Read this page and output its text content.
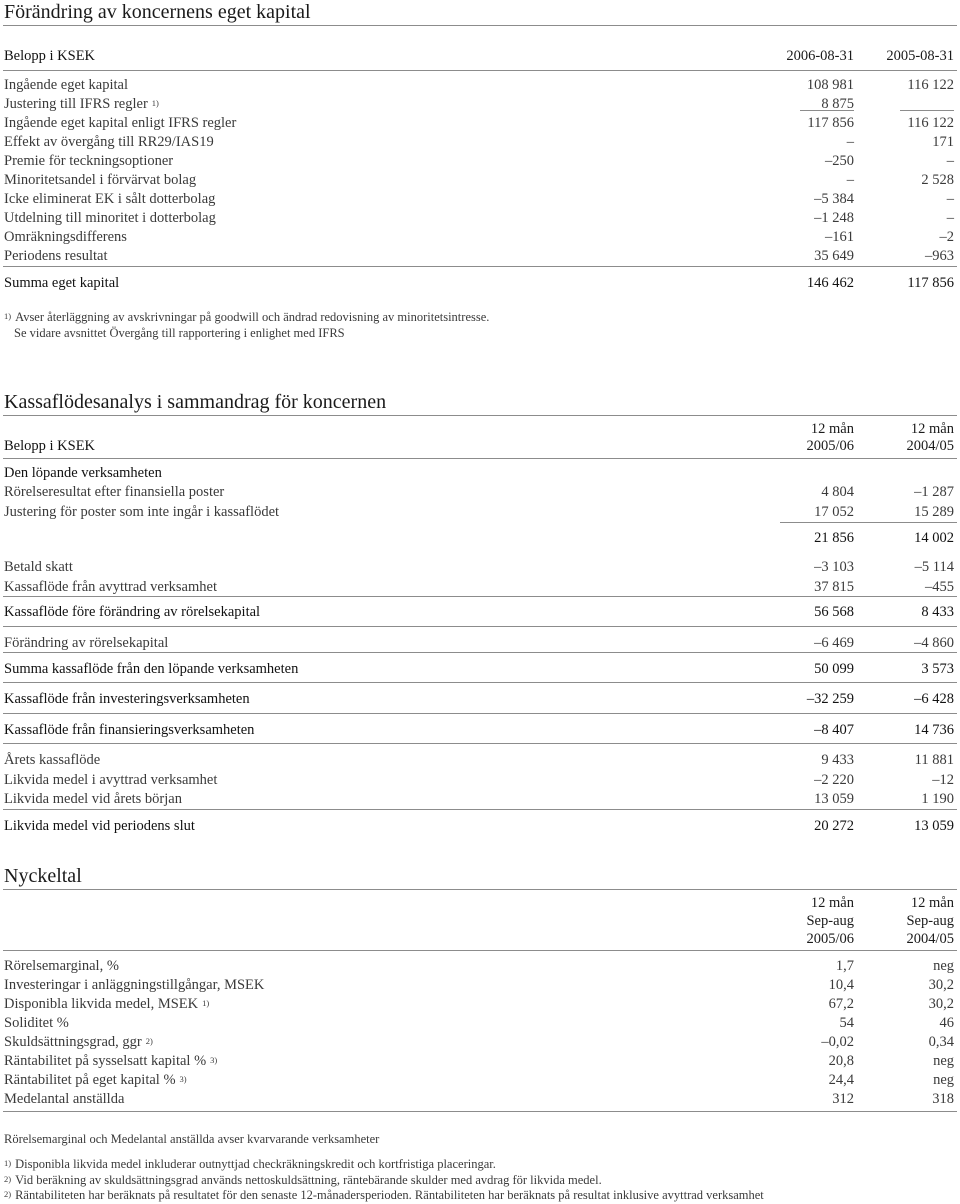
Förändring av koncernens eget kapital
Belopp i KSEK	2006-08-31 2005-08-31
Ingående eget kapital	108 981	116 122
Justering till IFRS regler $^{1)}$	8 875
Ingående eget kapital enligt IFRS regler	117 856	116 122
Effekt av övergång till RR29/IAS19	–	171
Premie för teckningsoptioner	–250	–
Minoritetsandel i förvärvat bolag	–	2 528
Icke eliminerat EK i sålt dotterbolag	–5 384	–
Utdelning till minoritet i dotterbolag	–1 248	–
Omräkningsdifferens	–161	–2
Periodens resultat	35 649	–963
Summa eget kapital	146 462	117 856
$^{1)}$ Avser återläggning av avskrivningar på goodwill och ändrad redovisning av minoritetsintresse.
Se vidare avsnittet Övergång till rapportering i enlighet med IFRS
Kassaflödesanalys i sammandrag för koncernen
12 mån	12 mån
Belopp i KSEK	2005/06	2004/05
Den löpande verksamheten
Rörelseresultat efter finansiella poster	4 804	–1 287
Justering för poster som inte ingår i kassaflödet	17 052	15 289
21 856	14 002
Betald skatt	–3 103	–5 114
Kassaflöde från avyttrad verksamhet	37 815	–455
Kassaflöde före förändring av rörelsekapital	56 568	8 433
Förändring av rörelsekapital	–6 469	–4 860
Summa kassaflöde från den löpande verksamheten	50 099	3 573
Kassaflöde från investeringsverksamheten	–32 259	–6 428
Kassaflöde från finansieringsverksamheten	–8 407	14 736
Årets kassaflöde	9 433	11 881
Likvida medel i avyttrad verksamhet	–2 220	–12
Likvida medel vid årets början	13 059	1 190
Likvida medel vid periodens slut	20 272	13 059
Nyckeltal
12 mån	12 mån
Sep-aug	Sep-aug
2005/06	2004/05
Rörelsemarginal, %	1,7	neg
Investeringar i anläggningstillgångar, MSEK	10,4	30,2
Disponibla likvida medel, MSEK $^{1)}$	67,2	30,2
Soliditet %	54	46
Skuldsättningsgrad, ggr $^{2)}$	–0,02	0,34
Räntabilitet på sysselsatt kapital % $^{3)}$	20,8	neg
Räntabilitet på eget kapital % $^{3)}$	24,4	neg
Medelantal anställda	312	318
Rörelsemarginal och Medelantal anställda avser kvarvarande verksamheter
$^{1)}$ Disponibla likvida medel inkluderar outnyttjad checkräkningskredit och kortfristiga placeringar.
$^{2)}$ Vid beräkning av skuldsättningsgrad används nettoskuldsättning, räntebärande skulder med avdrag för likvida medel.
$^{2)}$ Räntabiliteten har beräknats på resultatet för den senaste 12-månadersperioden. Räntabiliteten har beräknats på resultat inklusive avyttrad verksamhet
